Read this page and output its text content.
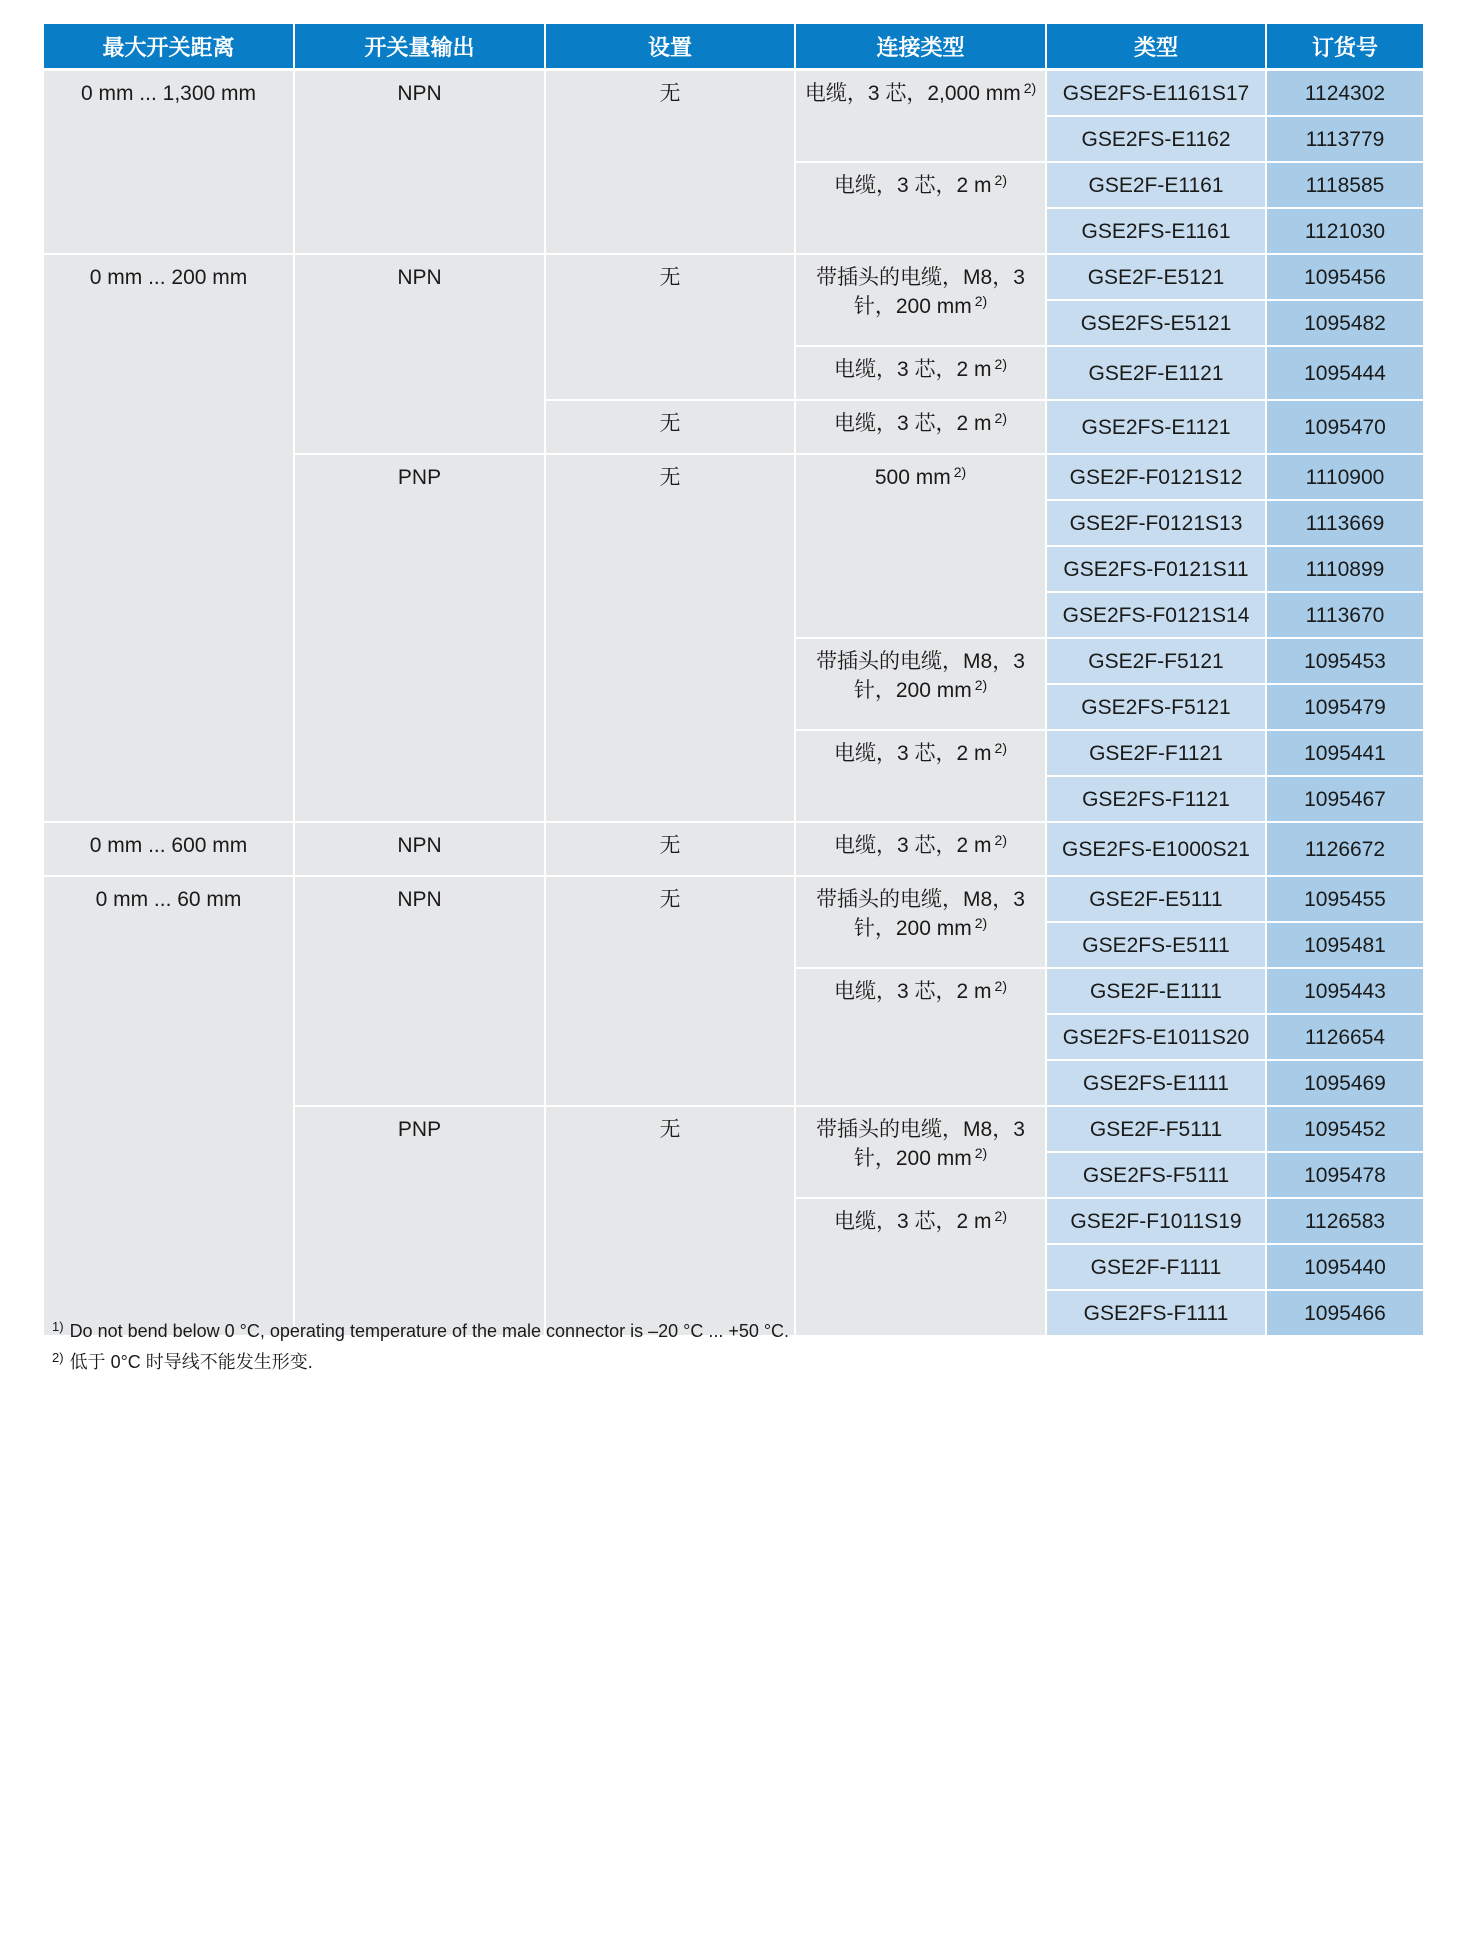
最大开关距离	开关量输出	设置	连接类型	类型	订货号
0 mm ... 1,300 mm	NPN	无	电缆，3 芯，2,000 mm $^{2)}$	GSE2FS-E1161S17	1124302
				GSE2FS-E1162	1113779
			电缆，3 芯，2 m $^{2)}$	GSE2F-E1161	1118585
				GSE2FS-E1161	1121030
0 mm ... 200 mm	NPN	无	带插头的电缆，M8，3 针，200 mm $^{2)}$	GSE2F-E5121	1095456
				GSE2FS-E5121	1095482
			电缆，3 芯，2 m $^{2)}$	GSE2F-E1121	1095444
		无	电缆，3 芯，2 m $^{2)}$	GSE2FS-E1121	1095470
	PNP	无	500 mm $^{2)}$	GSE2F-F0121S12	1110900
				GSE2F-F0121S13	1113669
				GSE2FS-F0121S11	1110899
				GSE2FS-F0121S14	1113670
			带插头的电缆，M8，3 针，200 mm $^{2)}$	GSE2F-F5121	1095453
				GSE2FS-F5121	1095479
			电缆，3 芯，2 m $^{2)}$	GSE2F-F1121	1095441
				GSE2FS-F1121	1095467
0 mm ... 600 mm	NPN	无	电缆，3 芯，2 m $^{2)}$	GSE2FS-E1000S21	1126672
0 mm ... 60 mm	NPN	无	带插头的电缆，M8，3 针，200 mm $^{2)}$	GSE2F-E5111	1095455
				GSE2FS-E5111	1095481
			电缆，3 芯，2 m $^{2)}$	GSE2F-E1111	1095443
				GSE2FS-E1011S20	1126654
				GSE2FS-E1111	1095469
	PNP	无	带插头的电缆，M8，3 针，200 mm $^{2)}$	GSE2F-F5111	1095452
				GSE2FS-F5111	1095478
			电缆，3 芯，2 m $^{2)}$	GSE2F-F1011S19	1126583
				GSE2F-F1111	1095440
				GSE2FS-F1111	1095466
$^{1)}$ Do not bend below 0 °C, operating temperature of the male connector is –20 °C ... +50 °C.
$^{2)}$ 低于 0°C 时导线不能发生形变.
